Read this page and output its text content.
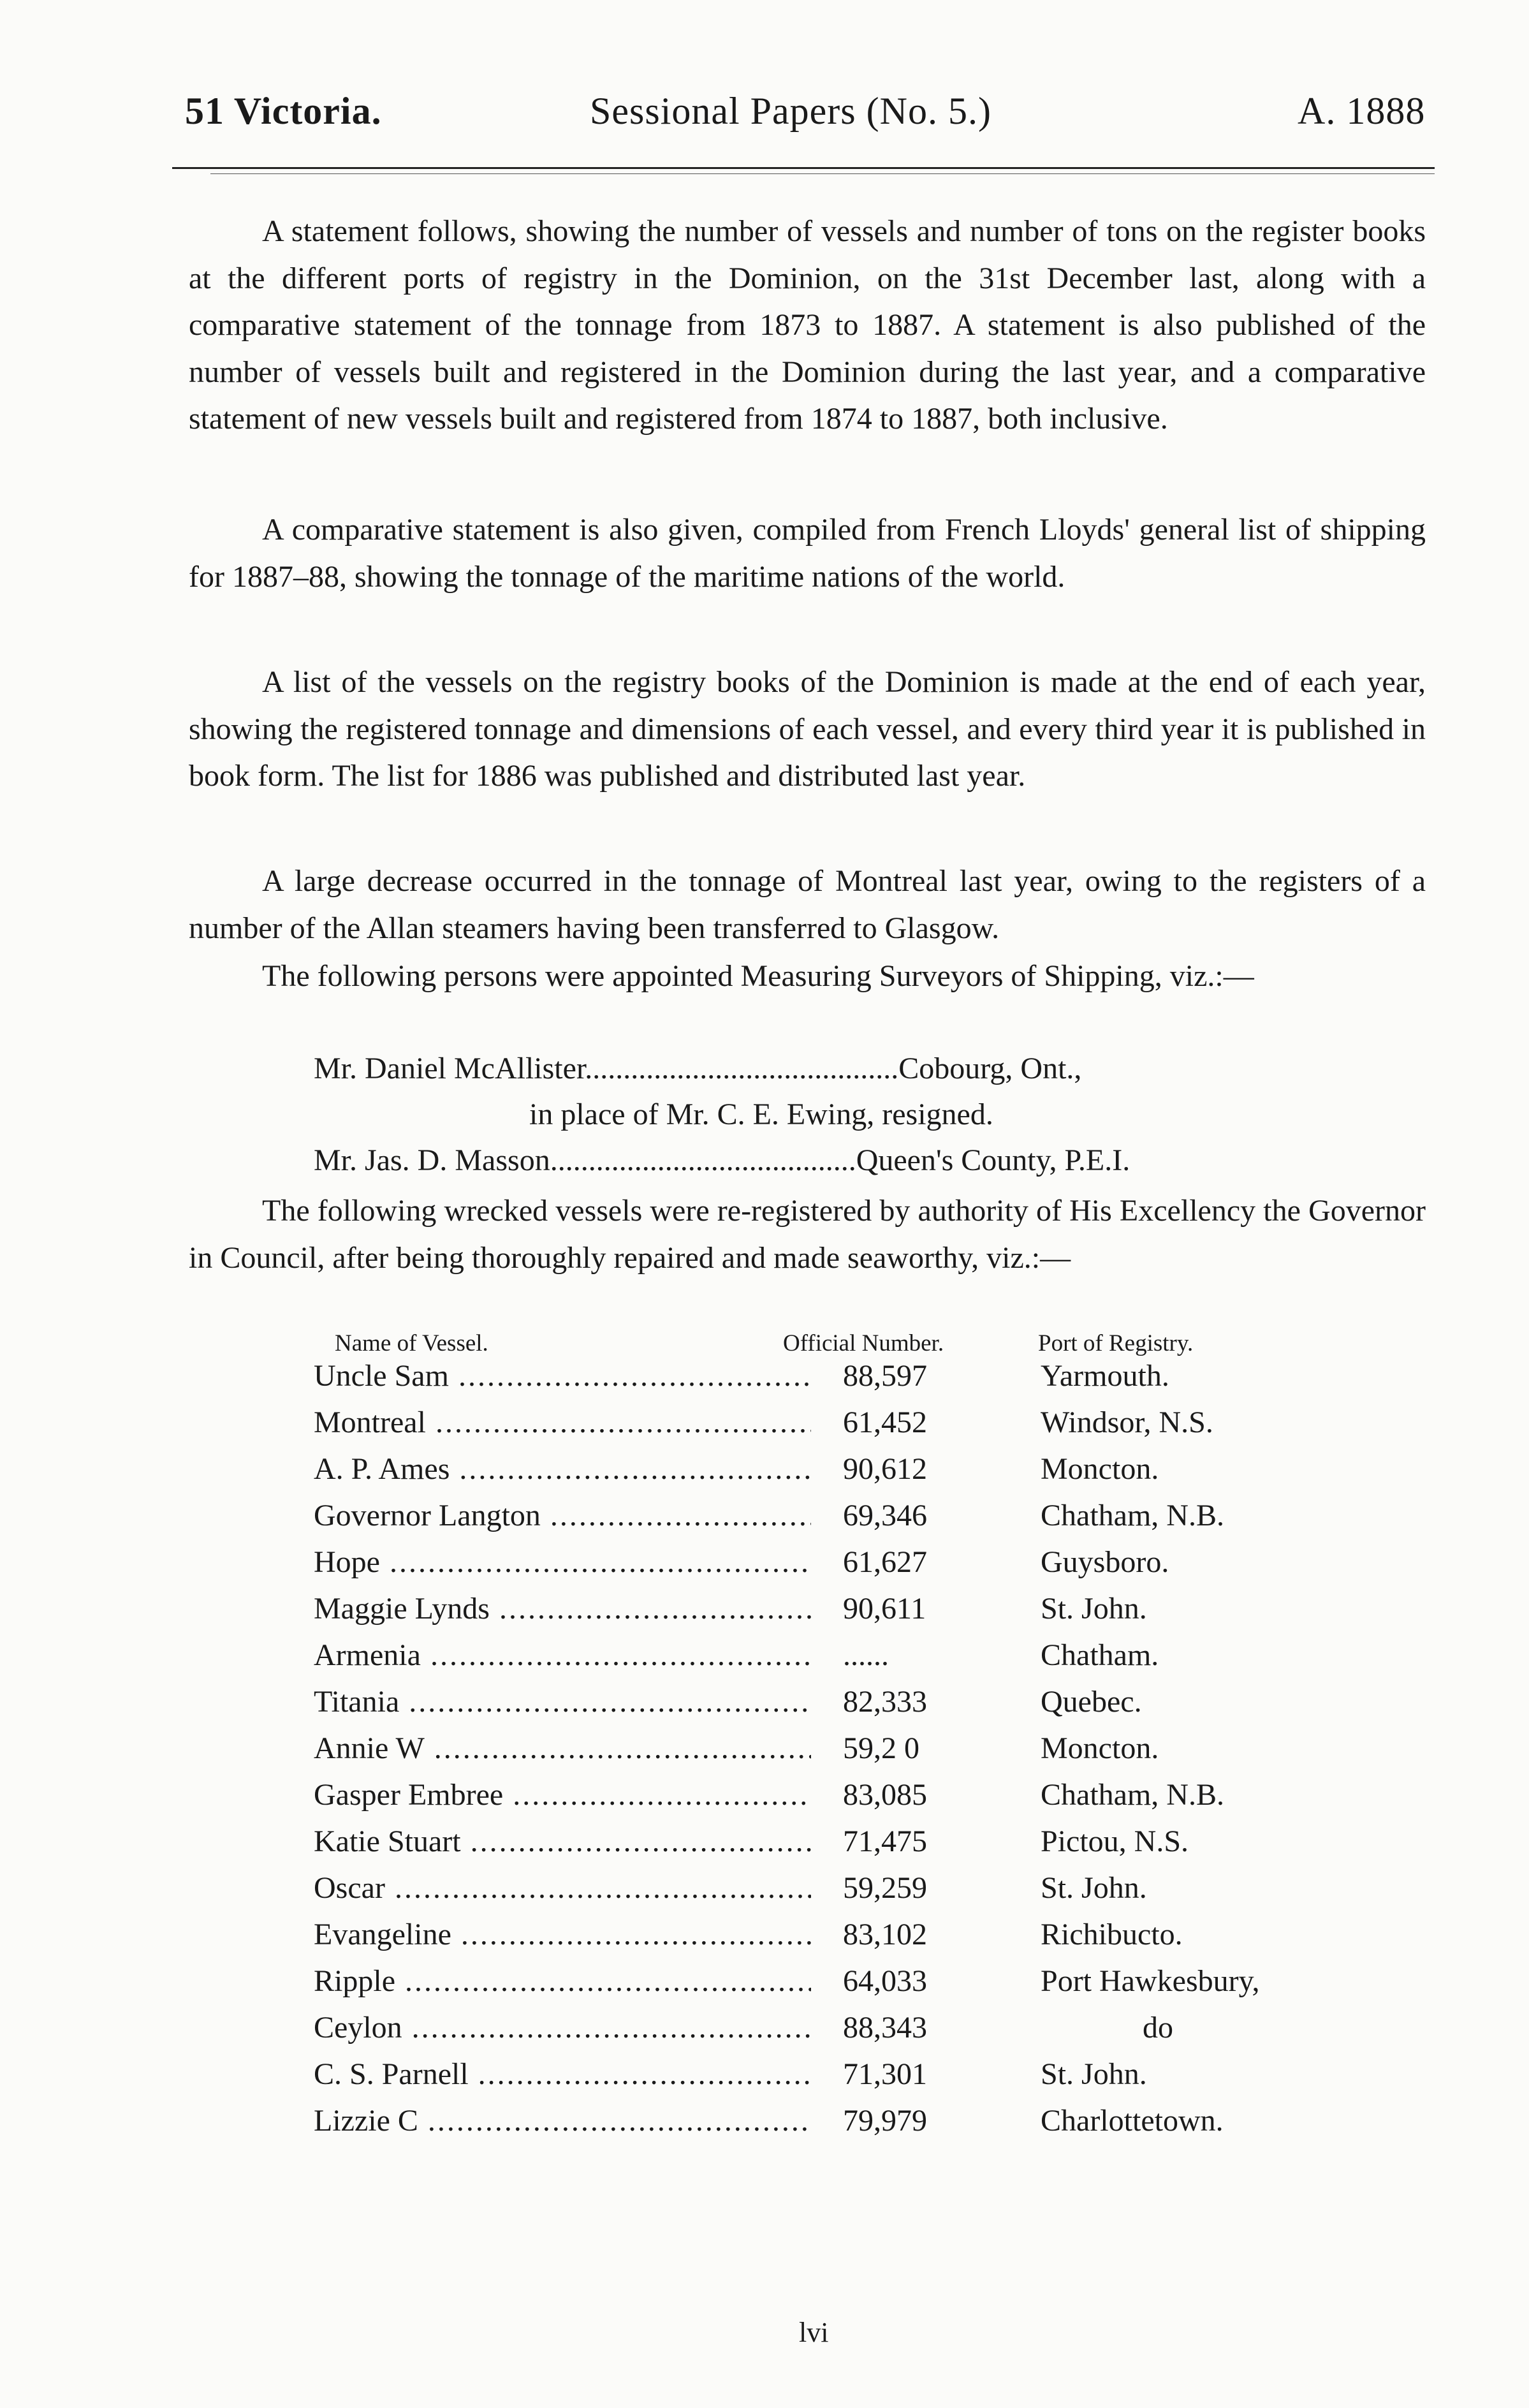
51 Victoria.	Sessional Papers (No. 5.)	A. 1888
A statement follows, showing the number of vessels and number of tons on the register books at the different ports of registry in the Dominion, on the 31st December last, along with a comparative statement of the tonnage from 1873 to 1887. A statement is also published of the number of vessels built and registered in the Dominion during the last year, and a comparative statement of new vessels built and registered from 1874 to 1887, both inclusive.
A comparative statement is also given, compiled from French Lloyds' general list of shipping for 1887–88, showing the tonnage of the maritime nations of the world.
A list of the vessels on the registry books of the Dominion is made at the end of each year, showing the registered tonnage and dimensions of each vessel, and every third year it is published in book form. The list for 1886 was published and distributed last year.
A large decrease occurred in the tonnage of Montreal last year, owing to the registers of a number of the Allan steamers having been transferred to Glasgow.
The following persons were appointed Measuring Surveyors of Shipping, viz.:—
Mr. Daniel McAllister.........................................Cobourg, Ont.,
in place of Mr. C. E. Ewing, resigned.
Mr. Jas. D. Masson........................................Queen's County, P.E.I.
The following wrecked vessels were re-registered by authority of His Excellency the Governor in Council, after being thoroughly repaired and made seaworthy, viz.:—
Name of Vessel.	Official Number.	Port of Registry.
Uncle Sam .....	88,597	Yarmouth.
Montreal .....	61,452	Windsor, N.S.
A. P. Ames .....	90,612	Moncton.
Governor Langton .....	69,346	Chatham, N.B.
Hope .....	61,627	Guysboro.
Maggie Lynds .....	90,611	St. John.
Armenia .....	......	Chatham.
Titania .....	82,333	Quebec.
Annie W .....	59,2 0	Moncton.
Gasper Embree .....	83,085	Chatham, N.B.
Katie Stuart .....	71,475	Pictou, N.S.
Oscar .....	59,259	St. John.
Evangeline .....	83,102	Richibucto.
Ripple .....	64,033	Port Hawkesbury,
Ceylon .....	88,343	do
C. S. Parnell .....	71,301	St. John.
Lizzie C .....	79,979	Charlottetown.
lvi
